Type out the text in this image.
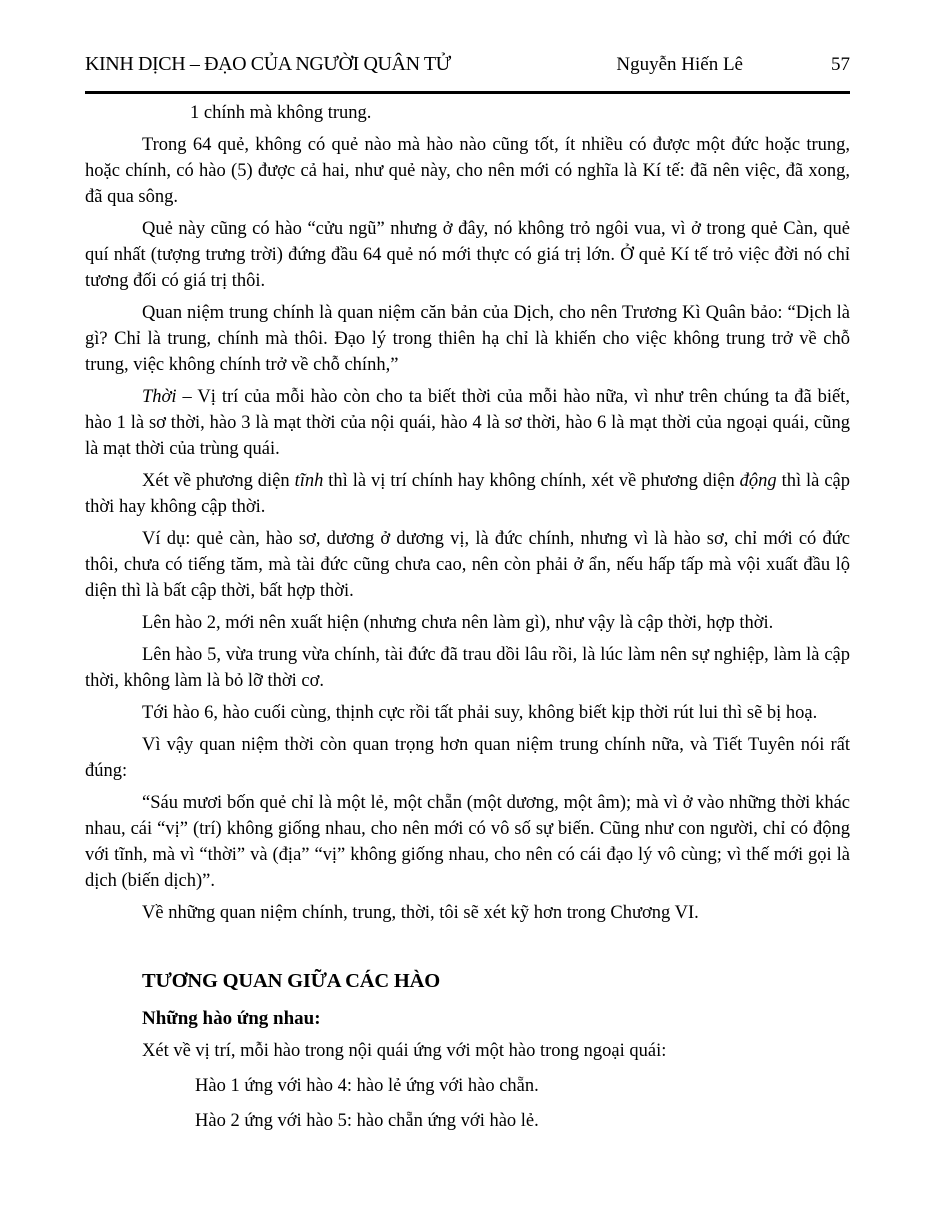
KINH DỊCH – ĐẠO CỦA NGƯỜI QUÂN TỬ	Nguyễn Hiến Lê	57

1 chính mà không trung.

Trong 64 quẻ, không có quẻ nào mà hào nào cũng tốt, ít nhiều có được một đức hoặc trung, hoặc chính, có hào (5) được cả hai, như quẻ này, cho nên mới có nghĩa là Kí tế: đã nên việc, đã xong, đã qua sông.

Quẻ này cũng có hào “cửu ngũ” nhưng ở đây, nó không trỏ ngôi vua, vì ở trong quẻ Càn, quẻ quí nhất (tượng trưng trời) đứng đầu 64 quẻ nó mới thực có giá trị lớn. Ở quẻ Kí tế trỏ việc đời nó chỉ tương đối có giá trị thôi.

Quan niệm trung chính là quan niệm căn bản của Dịch, cho nên Trương Kì Quân bảo: “Dịch là gì? Chỉ là trung, chính mà thôi. Đạo lý trong thiên hạ chỉ là khiến cho việc không trung trở về chỗ trung, việc không chính trở về chỗ chính,”

Thời – Vị trí của mỗi hào còn cho ta biết thời của mỗi hào nữa, vì như trên chúng ta đã biết, hào 1 là sơ thời, hào 3 là mạt thời của nội quái, hào 4 là sơ thời, hào 6 là mạt thời của ngoại quái, cũng là mạt thời của trùng quái.

Xét về phương diện tĩnh thì là vị trí chính hay không chính, xét về phương diện động thì là cập thời hay không cập thời.

Ví dụ: quẻ càn, hào sơ, dương ở dương vị, là đức chính, nhưng vì là hào sơ, chỉ mới có đức thôi, chưa có tiếng tăm, mà tài đức cũng chưa cao, nên còn phải ở ẩn, nếu hấp tấp mà vội xuất đầu lộ diện thì là bất cập thời, bất hợp thời.

Lên hào 2, mới nên xuất hiện (nhưng chưa nên làm gì), như vậy là cập thời, hợp thời.

Lên hào 5, vừa trung vừa chính, tài đức đã trau dồi lâu rồi, là lúc làm nên sự nghiệp, làm là cập thời, không làm là bỏ lỡ thời cơ.

Tới hào 6, hào cuối cùng, thịnh cực rồi tất phải suy, không biết kịp thời rút lui thì sẽ bị hoạ.

Vì vậy quan niệm thời còn quan trọng hơn quan niệm trung chính nữa, và Tiết Tuyên nói rất đúng:

“Sáu mươi bốn quẻ chỉ là một lẻ, một chẵn (một dương, một âm); mà vì ở vào những thời khác nhau, cái “vị” (trí) không giống nhau, cho nên mới có vô số sự biến. Cũng như con người, chỉ có động với tĩnh, mà vì “thời” và (địa” “vị” không giống nhau, cho nên có cái đạo lý vô cùng; vì thế mới gọi là dịch (biến dịch)”.

Về những quan niệm chính, trung, thời, tôi sẽ xét kỹ hơn trong Chương VI.

TƯƠNG QUAN GIỮA CÁC HÀO
Những hào ứng nhau:

Xét về vị trí, mỗi hào trong nội quái ứng với một hào trong ngoại quái:

Hào 1 ứng với hào 4: hào lẻ ứng với hào chẵn.

Hào 2 ứng với hào 5: hào chẵn ứng với hào lẻ.
